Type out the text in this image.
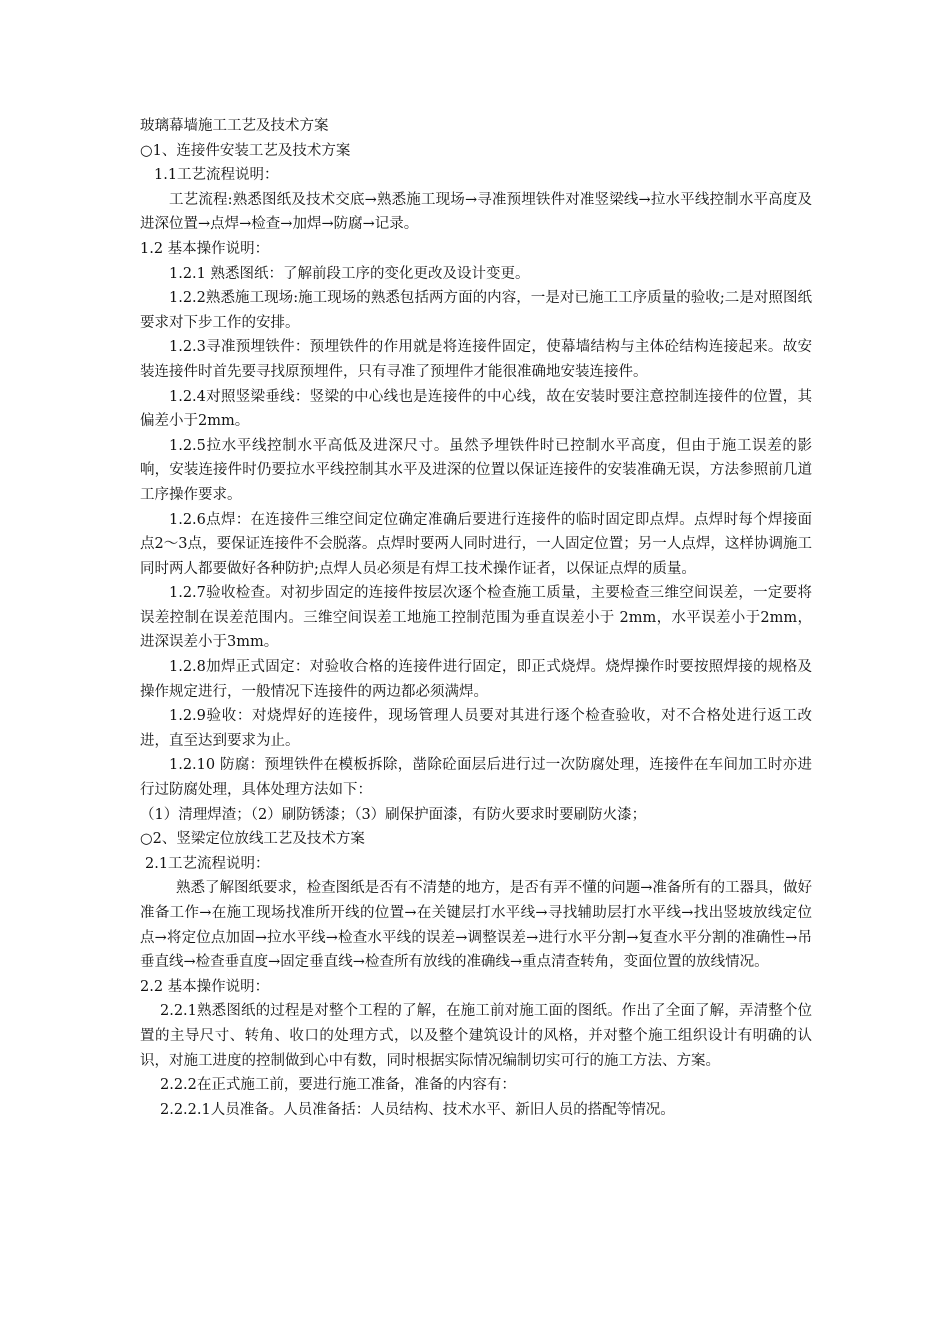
玻璃幕墙施工工艺及技术方案

○1、连接件安装工艺及技术方案

1.1工艺流程说明：

工艺流程:熟悉图纸及技术交底→熟悉施工现场→寻准预埋铁件对准竖梁线→拉水平线控制水平高度及进深位置→点焊→检查→加焊→防腐→记录。

1.2 基本操作说明：

1.2.1 熟悉图纸：了解前段工序的变化更改及设计变更。

1.2.2熟悉施工现场:施工现场的熟悉包括两方面的内容，一是对已施工工序质量的验收;二是对照图纸要求对下步工作的安排。

1.2.3寻准预埋铁件：预埋铁件的作用就是将连接件固定，使幕墙结构与主体砼结构连接起来。故安装连接件时首先要寻找原预埋件，只有寻准了预埋件才能很准确地安装连接件。

1.2.4对照竖梁垂线：竖梁的中心线也是连接件的中心线，故在安装时要注意控制连接件的位置，其偏差小于2mm。

1.2.5拉水平线控制水平高低及进深尺寸。虽然予埋铁件时已控制水平高度，但由于施工误差的影响，安装连接件时仍要拉水平线控制其水平及进深的位置以保证连接件的安装准确无误，方法参照前几道工序操作要求。

1.2.6点焊：在连接件三维空间定位确定准确后要进行连接件的临时固定即点焊。点焊时每个焊接面点2～3点，要保证连接件不会脱落。点焊时要两人同时进行，一人固定位置；另一人点焊，这样协调施工同时两人都要做好各种防护;点焊人员必须是有焊工技术操作证者，以保证点焊的质量。

1.2.7验收检查。对初步固定的连接件按层次逐个检查施工质量，主要检查三维空间误差，一定要将误差控制在误差范围内。三维空间误差工地施工控制范围为垂直误差小于 2mm，水平误差小于2mm，进深误差小于3mm。

1.2.8加焊正式固定：对验收合格的连接件进行固定，即正式烧焊。烧焊操作时要按照焊接的规格及操作规定进行，一般情况下连接件的两边都必须满焊。

1.2.9验收：对烧焊好的连接件，现场管理人员要对其进行逐个检查验收，对不合格处进行返工改进，直至达到要求为止。

1.2.10 防腐：预埋铁件在模板拆除，凿除砼面层后进行过一次防腐处理，连接件在车间加工时亦进行过防腐处理，具体处理方法如下：

（1）清理焊渣；（2）刷防锈漆；（3）刷保护面漆，有防火要求时要刷防火漆；

○2、竖梁定位放线工艺及技术方案

2.1工艺流程说明：

熟悉了解图纸要求，检查图纸是否有不清楚的地方，是否有弄不懂的问题→准备所有的工器具，做好准备工作→在施工现场找准所开线的位置→在关键层打水平线→寻找辅助层打水平线→找出竖坡放线定位点→将定位点加固→拉水平线→检查水平线的误差→调整误差→进行水平分割→复查水平分割的准确性→吊垂直线→检查垂直度→固定垂直线→检查所有放线的准确线→重点清查转角，变面位置的放线情况。

2.2 基本操作说明：

2.2.1熟悉图纸的过程是对整个工程的了解，在施工前对施工面的图纸。作出了全面了解，弄清整个位置的主导尺寸、转角、收口的处理方式，以及整个建筑设计的风格，并对整个施工组织设计有明确的认识，对施工进度的控制做到心中有数，同时根据实际情况编制切实可行的施工方法、方案。

2.2.2在正式施工前，要进行施工准备，准备的内容有：

2.2.2.1人员准备。人员准备括：人员结构、技术水平、新旧人员的搭配等情况。
